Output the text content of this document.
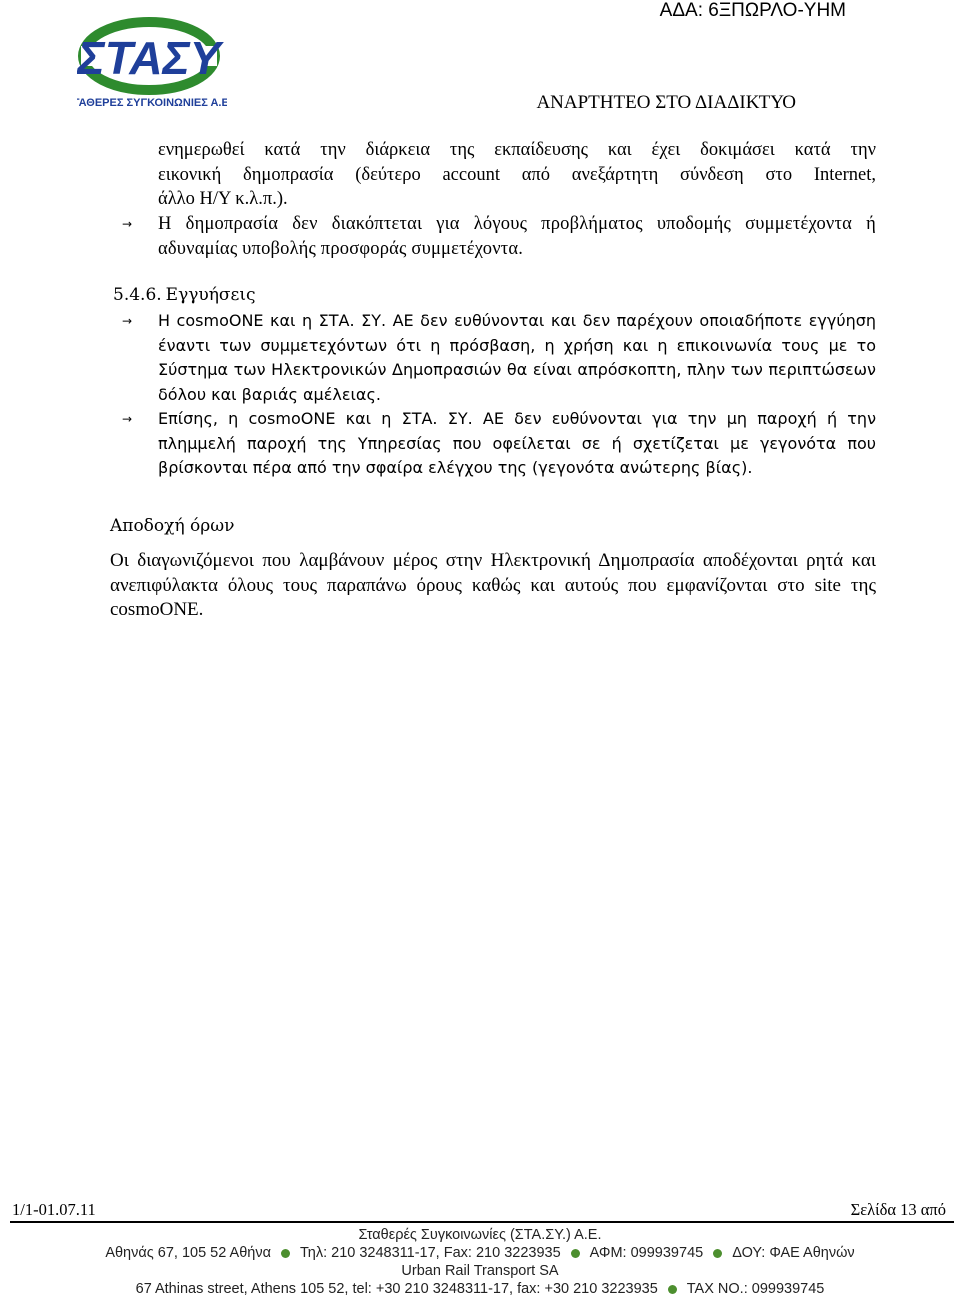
ΑΔΑ: 6ΞΠΩΡΛΟ-ΥΗΜ
ΣΤΑΣΥ
ΣΤΑΘΕΡΕΣ ΣΥΓΚΟΙΝΩΝΙΕΣ Α.Ε.	ΑΝΑΡΤΗΤΕΟ ΣΤΟ ΔΙΑΔΙΚΤΥΟ
ενημερωθεί κατά την διάρκεια της εκπαίδευσης και έχει δοκιμάσει κατά την
εικονική δημοπρασία (δεύτερο account από ανεξάρτητη σύνδεση στο Internet,
άλλο Η/Υ κ.λ.π.).
→ Η δημοπρασία δεν διακόπτεται για λόγους προβλήματος υποδομής συμμετέχοντα ή αδυναμίας υποβολής προσφοράς συμμετέχοντα.
5.4.6. Εγγυήσεις
→ Η cosmoONE και η ΣΤΑ. ΣΥ. ΑΕ δεν ευθύνονται και δεν παρέχουν οποιαδήποτε εγγύηση έναντι των συμμετεχόντων ότι η πρόσβαση, η χρήση και η επικοινωνία τους με το Σύστημα των Ηλεκτρονικών Δημοπρασιών θα είναι απρόσκοπτη, πλην των περιπτώσεων δόλου και βαριάς αμέλειας.
→ Επίσης, η cosmoONE και η ΣΤΑ. ΣΥ. ΑΕ δεν ευθύνονται για την μη παροχή ή την πλημμελή παροχή της Υπηρεσίας που οφείλεται σε ή σχετίζεται με γεγονότα που βρίσκονται πέρα από την σφαίρα ελέγχου της (γεγονότα ανώτερης βίας).
Αποδοχή όρων
Οι διαγωνιζόμενοι που λαμβάνουν μέρος στην Ηλεκτρονική Δημοπρασία αποδέχονται ρητά και ανεπιφύλακτα όλους τους παραπάνω όρους καθώς και αυτούς που εμφανίζονται στο site της cosmoONE.
1/1-01.07.11	Σελίδα 13 από
Σταθερές Συγκοινωνίες (ΣΤΑ.ΣΥ.) Α.Ε.
Αθηνάς 67, 105 52 Αθήνα Τηλ: 210 3248311-17, Fax: 210 3223935 ΑΦΜ: 099939745 ΔΟΥ: ΦΑΕ Αθηνών
Urban Rail Transport SA
67 Athinas street, Athens 105 52, tel: +30 210 3248311-17, fax: +30 210 3223935 TAX NO.: 099939745
